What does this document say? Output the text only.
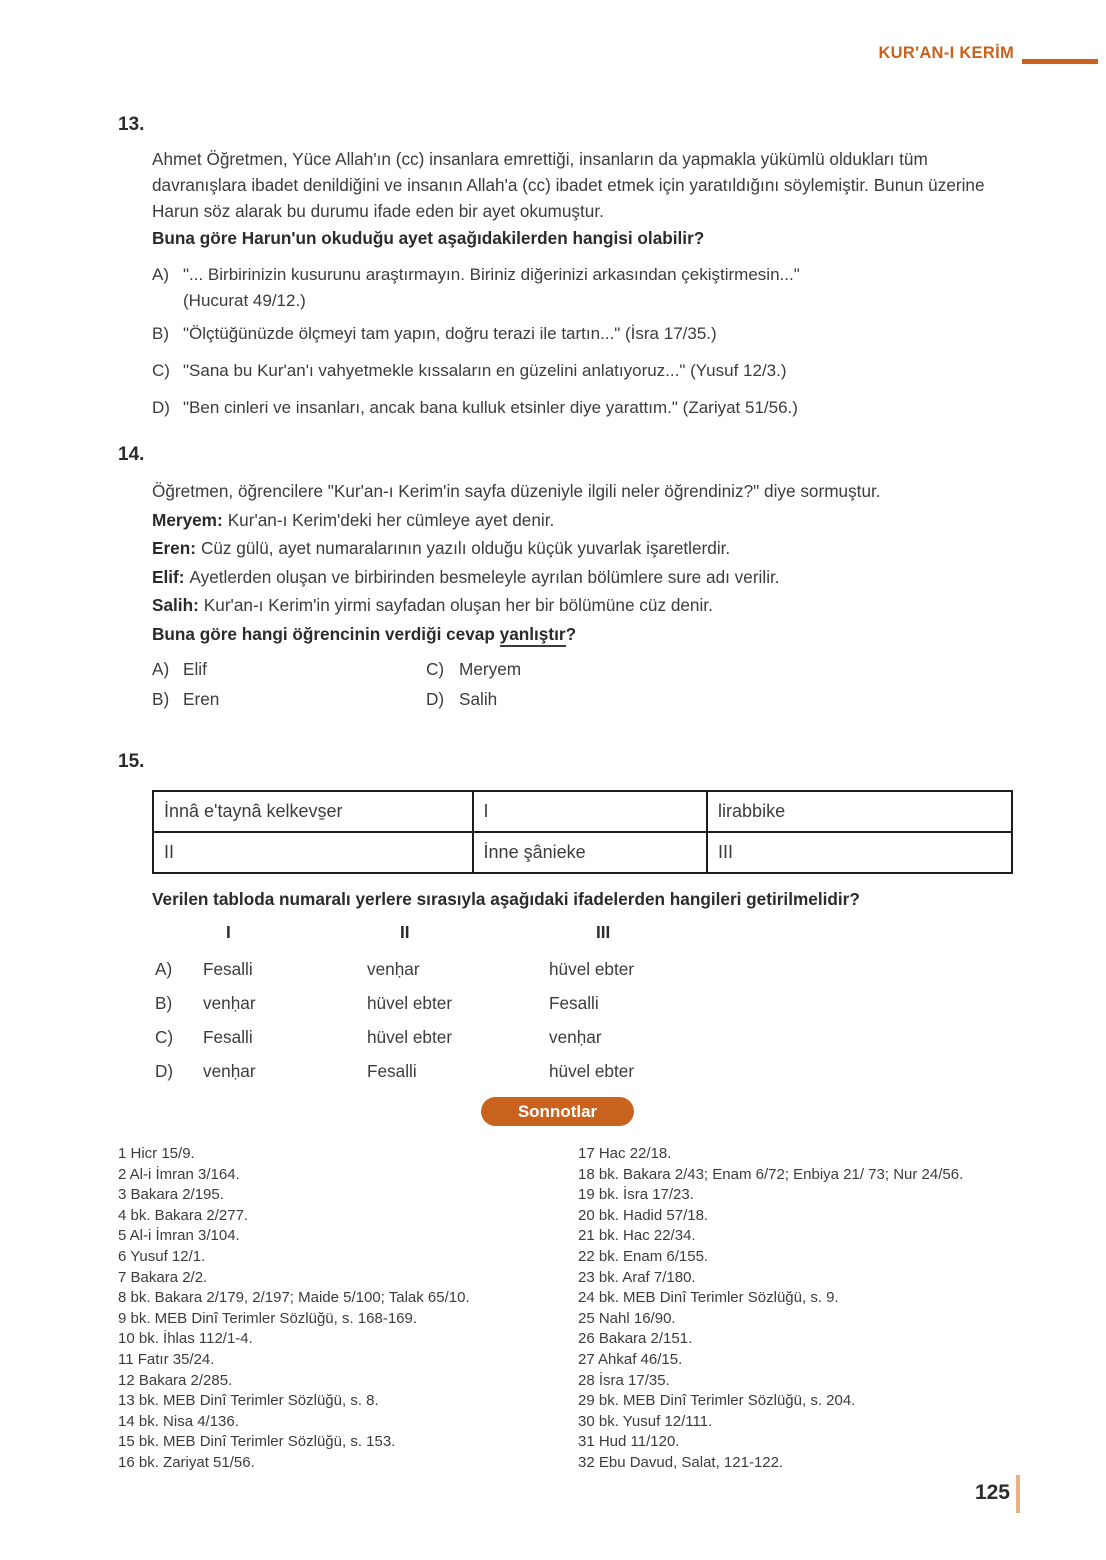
KUR'AN-I KERİM
13.
Ahmet Öğretmen, Yüce Allah'ın (cc) insanlara emrettiği, insanların da yapmakla yükümlü oldukları tüm davranışlara ibadet denildiğini ve insanın Allah'a (cc) ibadet etmek için yaratıldığını söylemiştir. Bunun üzerine Harun söz alarak bu durumu ifade eden bir ayet okumuştur.
Buna göre Harun'un okuduğu ayet aşağıdakilerden hangisi olabilir?
A) "... Birbirinizin kusurunu araştırmayın. Biriniz diğerinizi arkasından çekiştirmesin..."
(Hucurat 49/12.)
B) "Ölçtüğünüzde ölçmeyi tam yapın, doğru terazi ile tartın..." (İsra 17/35.)
C) "Sana bu Kur'an'ı vahyetmekle kıssaların en güzelini anlatıyoruz..." (Yusuf 12/3.)
D) "Ben cinleri ve insanları, ancak bana kulluk etsinler diye yarattım." (Zariyat 51/56.)
14.
Öğretmen, öğrencilere "Kur'an-ı Kerim'in sayfa düzeniyle ilgili neler öğrendiniz?" diye sormuştur.
Meryem: Kur'an-ı Kerim'deki her cümleye ayet denir.
Eren: Cüz gülü, ayet numaralarının yazılı olduğu küçük yuvarlak işaretlerdir.
Elif: Ayetlerden oluşan ve birbirinden besmeleyle ayrılan bölümlere sure adı verilir.
Salih: Kur'an-ı Kerim'in yirmi sayfadan oluşan her bir bölümüne cüz denir.
Buna göre hangi öğrencinin verdiği cevap yanlıştır?
A) Elif	C) Meryem
B) Eren	D) Salih
15.
İnnâ e'taynâ kelkevs̱er	I	lirabbike
II	İnne şânieke	III
Verilen tabloda numaralı yerlere sırasıyla aşağıdaki ifadelerden hangileri getirilmelidir?
I	II	III
A)	Fesalli	venḥar	hüvel ebter
B)	venḥar	hüvel ebter	Fesalli
C)	Fesalli	hüvel ebter	venḥar
D)	venḥar	Fesalli	hüvel ebter
Sonnotlar
1 Hicr 15/9.
2 Al-i İmran 3/164.
3 Bakara 2/195.
4 bk. Bakara 2/277.
5 Al-i İmran 3/104.
6 Yusuf 12/1.
7 Bakara 2/2.
8 bk. Bakara 2/179, 2/197; Maide 5/100; Talak 65/10.
9 bk. MEB Dinî Terimler Sözlüğü, s. 168-169.
10 bk. İhlas 112/1-4.
11 Fatır 35/24.
12 Bakara 2/285.
13 bk. MEB Dinî Terimler Sözlüğü, s. 8.
14 bk. Nisa 4/136.
15 bk. MEB Dinî Terimler Sözlüğü, s. 153.
16 bk. Zariyat 51/56.
17 Hac 22/18.
18 bk. Bakara 2/43; Enam 6/72; Enbiya 21/ 73; Nur 24/56.
19 bk. İsra 17/23.
20 bk. Hadid 57/18.
21 bk. Hac 22/34.
22 bk. Enam 6/155.
23 bk. Araf 7/180.
24 bk. MEB Dinî Terimler Sözlüğü, s. 9.
25 Nahl 16/90.
26 Bakara 2/151.
27 Ahkaf 46/15.
28 İsra 17/35.
29 bk. MEB Dinî Terimler Sözlüğü, s. 204.
30 bk. Yusuf 12/111.
31 Hud 11/120.
32 Ebu Davud, Salat, 121-122.
125
